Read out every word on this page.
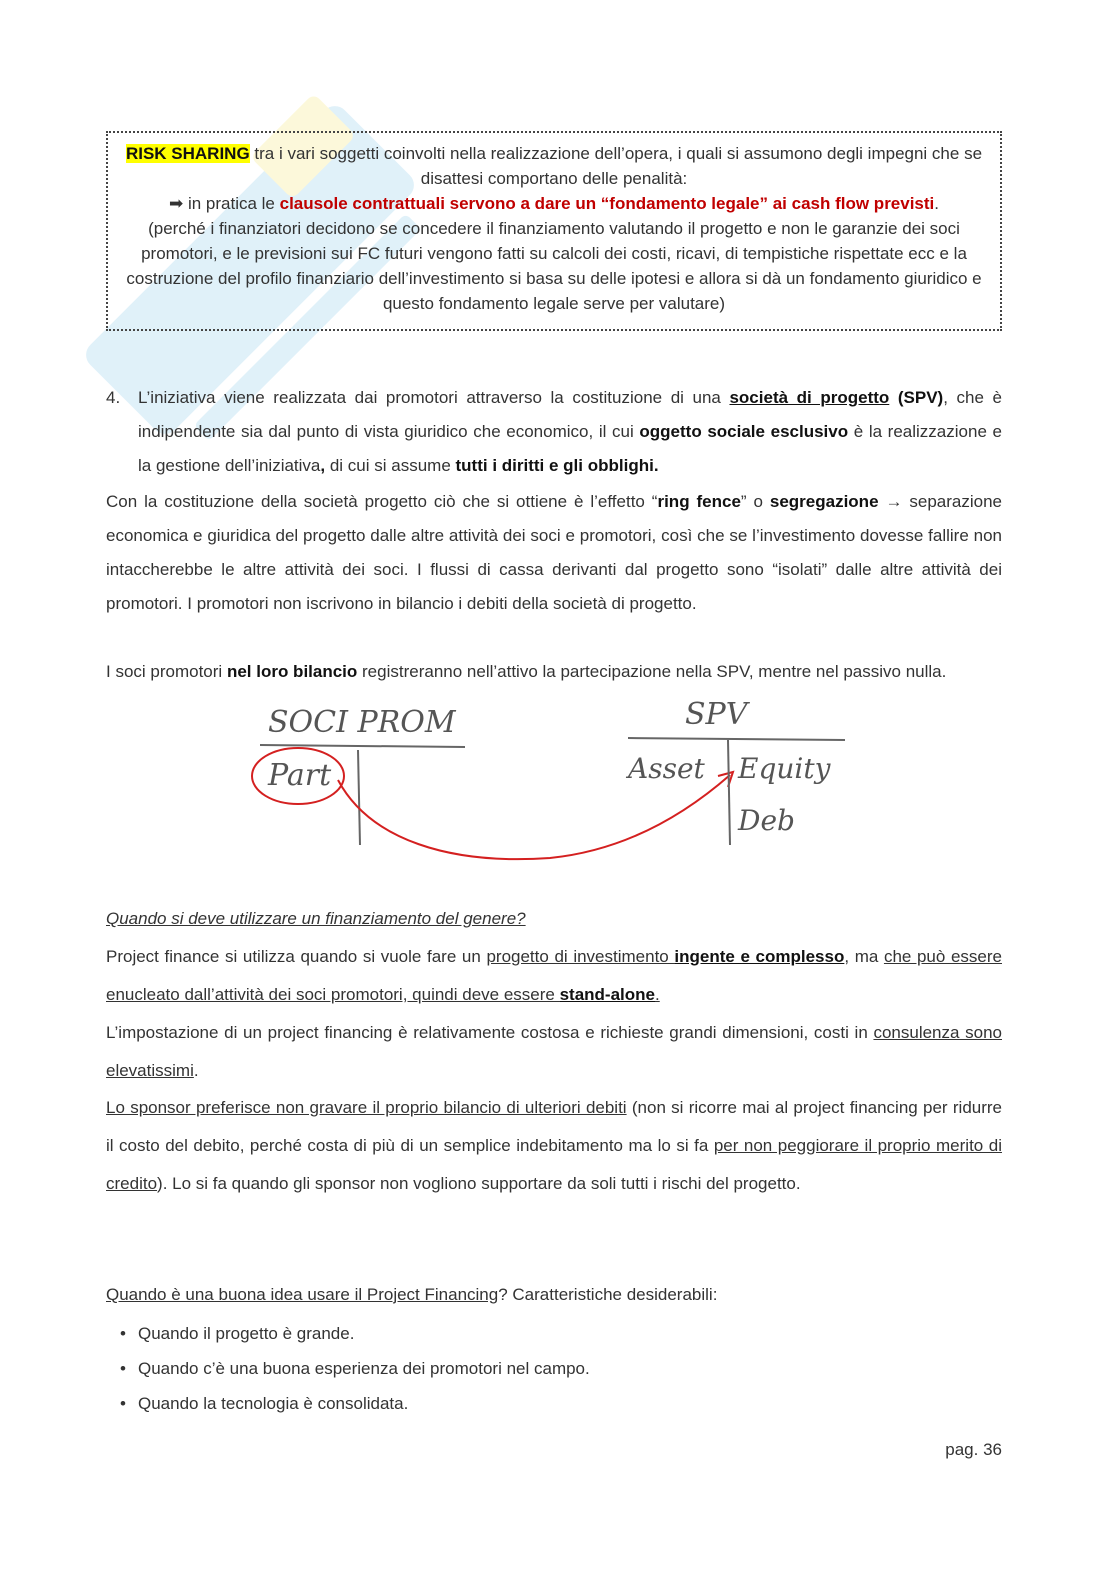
RISK SHARING tra i vari soggetti coinvolti nella realizzazione dell’opera, i quali si assumono degli impegni che se disattesi comportano delle penalità:
➡ in pratica le clausole contrattuali servono a dare un “fondamento legale” ai cash flow previsti.
(perché i finanziatori decidono se concedere il finanziamento valutando il progetto e non le garanzie dei soci promotori, e le previsioni sui FC futuri vengono fatti su calcoli dei costi, ricavi, di tempistiche rispettate ecc e la costruzione del profilo finanziario dell’investimento si basa su delle ipotesi e allora si dà un fondamento giuridico e questo fondamento legale serve per valutare)
4. L’iniziativa viene realizzata dai promotori attraverso la costituzione di una società di progetto (SPV), che è indipendente sia dal punto di vista giuridico che economico, il cui oggetto sociale esclusivo è la realizzazione e la gestione dell’iniziativa, di cui si assume tutti i diritti e gli obblighi.
Con la costituzione della società progetto ciò che si ottiene è l’effetto “ring fence” o segregazione → separazione economica e giuridica del progetto dalle altre attività dei soci e promotori, così che se l’investimento dovesse fallire non intaccherebbe le altre attività dei soci. I flussi di cassa derivanti dal progetto sono “isolati” dalle altre attività dei promotori. I promotori non iscrivono in bilancio i debiti della società di progetto.
I soci promotori nel loro bilancio registreranno nell’attivo la partecipazione nella SPV, mentre nel passivo nulla.
SOCI PROM
Part
SPV
Asset Equity
Deb
Quando si deve utilizzare un finanziamento del genere?
Project finance si utilizza quando si vuole fare un progetto di investimento ingente e complesso, ma che può essere enucleato dall’attività dei soci promotori, quindi deve essere stand-alone.
L’impostazione di un project financing è relativamente costosa e richieste grandi dimensioni, costi in consulenza sono elevatissimi.
Lo sponsor preferisce non gravare il proprio bilancio di ulteriori debiti (non si ricorre mai al project financing per ridurre il costo del debito, perché costa di più di un semplice indebitamento ma lo si fa per non peggiorare il proprio merito di credito). Lo si fa quando gli sponsor non vogliono supportare da soli tutti i rischi del progetto.
Quando è una buona idea usare il Project Financing? Caratteristiche desiderabili:
• Quando il progetto è grande.
• Quando c’è una buona esperienza dei promotori nel campo.
• Quando la tecnologia è consolidata.
pag. 36
